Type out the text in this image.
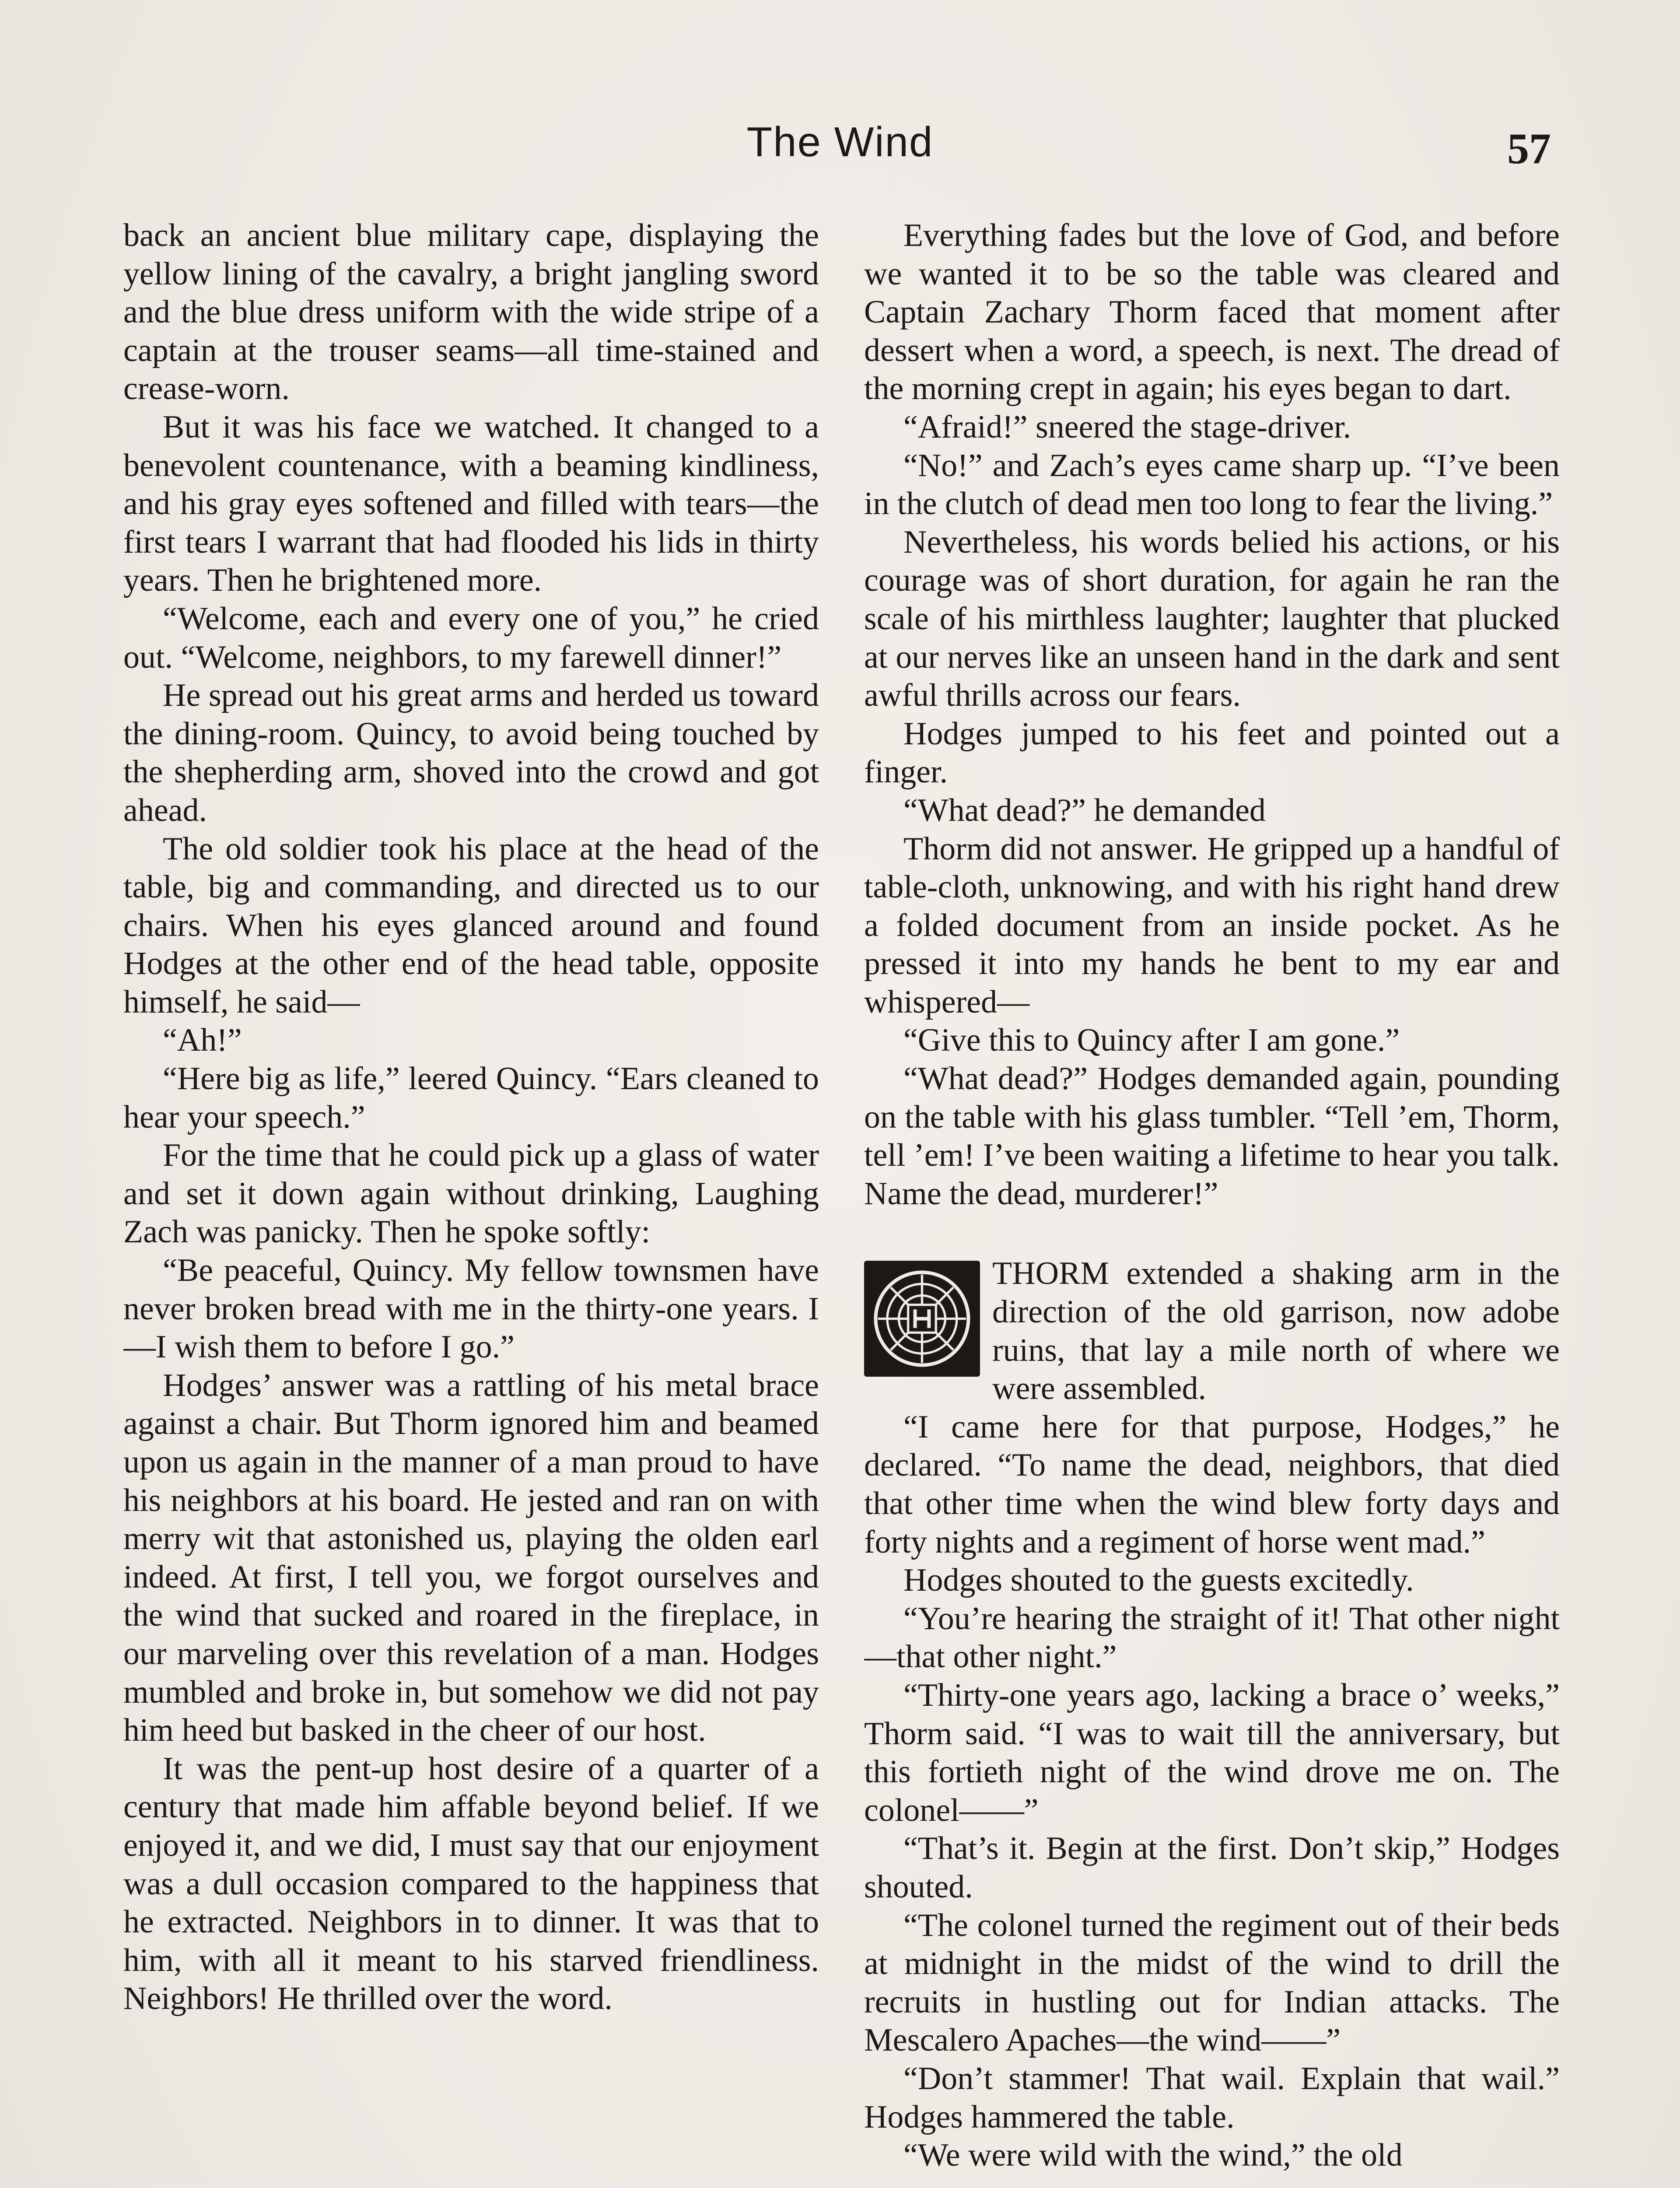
The Wind	57

back an ancient blue military cape, displaying the yellow lining of the cavalry, a bright jangling sword and the blue dress uniform with the wide stripe of a captain at the trouser seams—all time-stained and crease-worn.

But it was his face we watched. It changed to a benevolent countenance, with a beaming kindliness, and his gray eyes softened and filled with tears—the first tears I warrant that had flooded his lids in thirty years. Then he brightened more.

“Welcome, each and every one of you,” he cried out. “Welcome, neighbors, to my farewell dinner!”

He spread out his great arms and herded us toward the dining-room. Quincy, to avoid being touched by the shepherding arm, shoved into the crowd and got ahead.

The old soldier took his place at the head of the table, big and commanding, and directed us to our chairs. When his eyes glanced around and found Hodges at the other end of the head table, opposite himself, he said—

“Ah!”

“Here big as life,” leered Quincy. “Ears cleaned to hear your speech.”

For the time that he could pick up a glass of water and set it down again without drinking, Laughing Zach was panicky. Then he spoke softly:

“Be peaceful, Quincy. My fellow townsmen have never broken bread with me in the thirty-one years. I—I wish them to before I go.”

Hodges’ answer was a rattling of his metal brace against a chair. But Thorm ignored him and beamed upon us again in the manner of a man proud to have his neighbors at his board. He jested and ran on with merry wit that astonished us, playing the olden earl indeed. At first, I tell you, we forgot ourselves and the wind that sucked and roared in the fireplace, in our marveling over this revelation of a man. Hodges mumbled and broke in, but somehow we did not pay him heed but basked in the cheer of our host.

It was the pent-up host desire of a quarter of a century that made him affable beyond belief. If we enjoyed it, and we did, I must say that our enjoyment was a dull occasion compared to the happiness that he extracted. Neighbors in to dinner. It was that to him, with all it meant to his starved friendliness. Neighbors! He thrilled over the word.

Everything fades but the love of God, and before we wanted it to be so the table was cleared and Captain Zachary Thorm faced that moment after dessert when a word, a speech, is next. The dread of the morning crept in again; his eyes began to dart.

“Afraid!” sneered the stage-driver.

“No!” and Zach’s eyes came sharp up. “I’ve been in the clutch of dead men too long to fear the living.”

Nevertheless, his words belied his actions, or his courage was of short duration, for again he ran the scale of his mirthless laughter; laughter that plucked at our nerves like an unseen hand in the dark and sent awful thrills across our fears.

Hodges jumped to his feet and pointed out a finger.

“What dead?” he demanded

Thorm did not answer. He gripped up a handful of table-cloth, unknowing, and with his right hand drew a folded document from an inside pocket. As he pressed it into my hands he bent to my ear and whispered—

“Give this to Quincy after I am gone.”

“What dead?” Hodges demanded again, pounding on the table with his glass tumbler. “Tell ’em, Thorm, tell ’em! I’ve been waiting a lifetime to hear you talk. Name the dead, murderer!”

THORM extended a shaking arm in the direction of the old garrison, now adobe ruins, that lay a mile north of where we were assembled.

“I came here for that purpose, Hodges,” he declared. “To name the dead, neighbors, that died that other time when the wind blew forty days and forty nights and a regiment of horse went mad.”

Hodges shouted to the guests excitedly.

“You’re hearing the straight of it! That other night—that other night.”

“Thirty-one years ago, lacking a brace o’ weeks,” Thorm said. “I was to wait till the anniversary, but this fortieth night of the wind drove me on. The colonel——”

“That’s it. Begin at the first. Don’t skip,” Hodges shouted.

“The colonel turned the regiment out of their beds at midnight in the midst of the wind to drill the recruits in hustling out for Indian attacks. The Mescalero Apaches—the wind——”

“Don’t stammer! That wail. Explain that wail.” Hodges hammered the table.

“We were wild with the wind,” the old
